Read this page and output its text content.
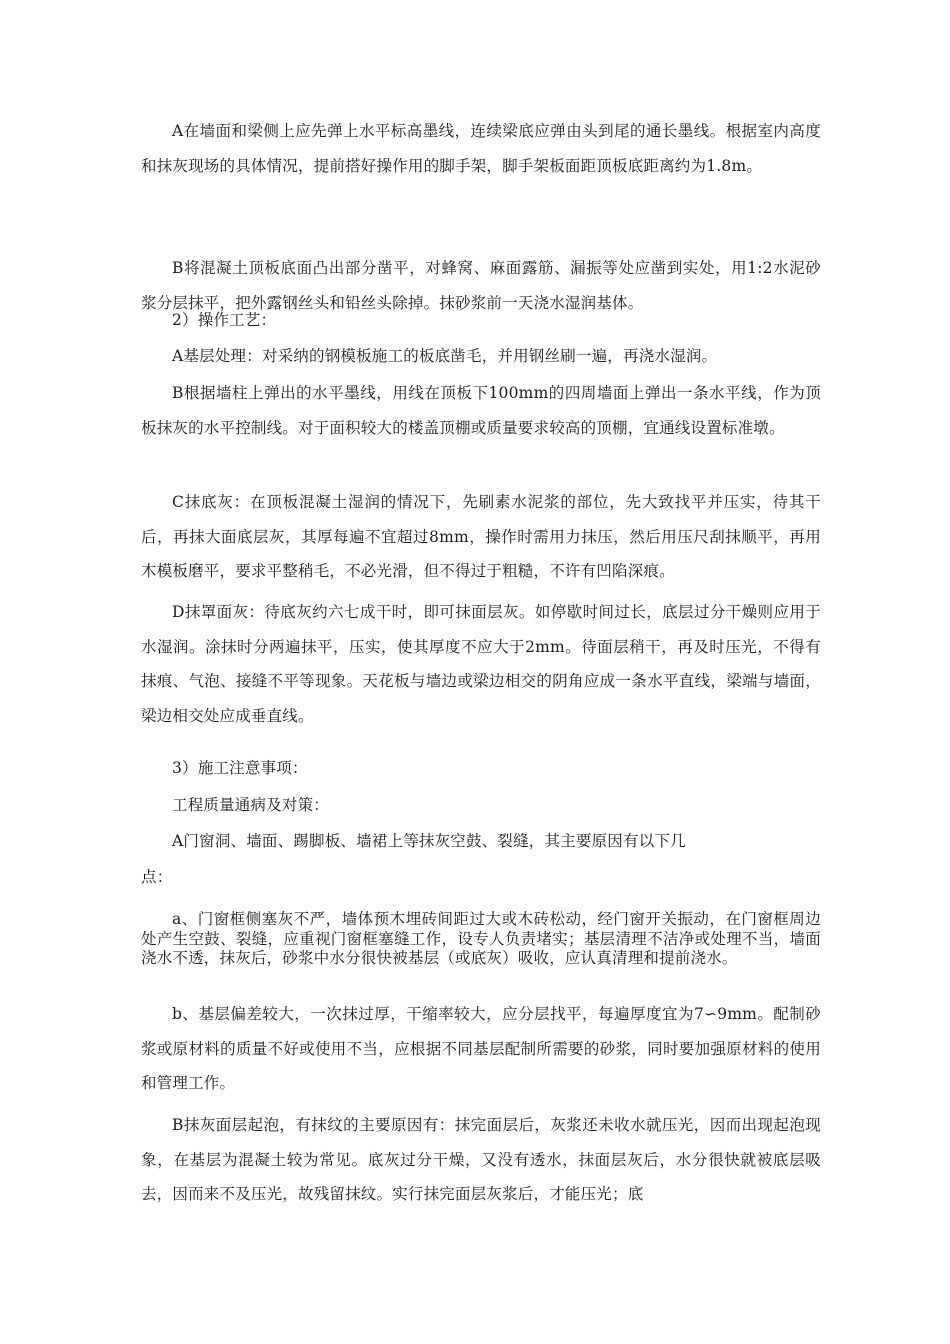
A在墙面和梁侧上应先弹上水平标高墨线，连续梁底应弹由头到尾的通长墨线。根据室内高度和抹灰现场的具体情况，提前搭好操作用的脚手架，脚手架板面距顶板底距离约为1.8m。

B将混凝土顶板底面凸出部分凿平，对蜂窝、麻面露筋、漏振等处应凿到实处，用1:2水泥砂浆分层抹平，把外露钢丝头和铅丝头除掉。抹砂浆前一天浇水湿润基体。

2）操作工艺：

A基层处理：对采纳的钢模板施工的板底凿毛，并用钢丝刷一遍，再浇水湿润。

B根据墙柱上弹出的水平墨线，用线在顶板下100mm的四周墙面上弹出一条水平线，作为顶板抹灰的水平控制线。对于面积较大的楼盖顶棚或质量要求较高的顶棚，宜通线设置标准墩。

C抹底灰：在顶板混凝土湿润的情况下，先刷素水泥浆的部位，先大致找平并压实，待其干后，再抹大面底层灰，其厚每遍不宜超过8mm，操作时需用力抹压，然后用压尺刮抹顺平，再用木模板磨平，要求平整稍毛，不必光滑，但不得过于粗糙，不许有凹陷深痕。

D抹罩面灰：待底灰约六七成干时，即可抹面层灰。如停歇时间过长，底层过分干燥则应用于水湿润。涂抹时分两遍抹平，压实，使其厚度不应大于2mm。待面层稍干，再及时压光，不得有抹痕、气泡、接缝不平等现象。天花板与墙边或梁边相交的阴角应成一条水平直线，梁端与墙面，梁边相交处应成垂直线。

3）施工注意事项：

工程质量通病及对策：

A门窗洞、墙面、踢脚板、墙裙上等抹灰空鼓、裂缝，其主要原因有以下几

点：

a、门窗框侧塞灰不严，墙体预木埋砖间距过大或木砖松动，经门窗开关振动，在门窗框周边处产生空鼓、裂缝，应重视门窗框塞缝工作，设专人负责堵实；基层清理不洁净或处理不当，墙面浇水不透，抹灰后，砂浆中水分很快被基层（或底灰）吸收，应认真清理和提前浇水。

b、基层偏差较大，一次抹过厚，干缩率较大，应分层找平，每遍厚度宜为7∽9mm。配制砂浆或原材料的质量不好或使用不当，应根据不同基层配制所需要的砂浆，同时要加强原材料的使用和管理工作。

B抹灰面层起泡，有抹纹的主要原因有：抹完面层后，灰浆还未收水就压光，因而出现起泡现象，在基层为混凝土较为常见。底灰过分干燥，又没有透水，抹面层灰后，水分很快就被底层吸去，因而来不及压光，故残留抹纹。实行抹完面层灰浆后，才能压光；底
